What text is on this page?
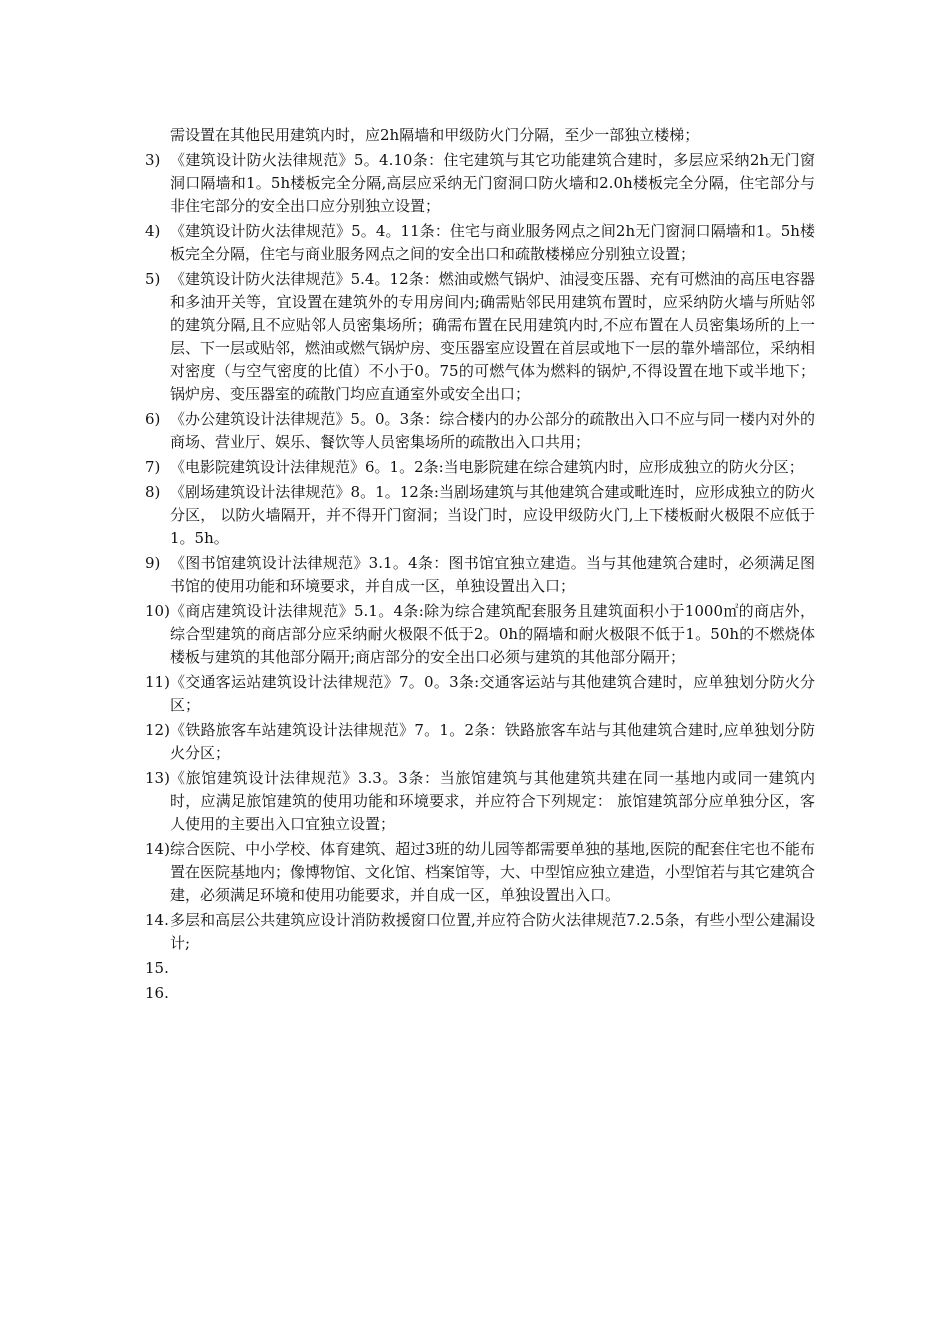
需设置在其他民用建筑内时，应2h隔墙和甲级防火门分隔，至少一部独立楼梯；
3) 《建筑设计防火法律规范》5。4.10条：住宅建筑与其它功能建筑合建时，多层应采纳2h无门窗洞口隔墙和1。5h楼板完全分隔,高层应采纳无门窗洞口防火墙和2.0h楼板完全分隔，住宅部分与非住宅部分的安全出口应分别独立设置；
4) 《建筑设计防火法律规范》5。4。11条：住宅与商业服务网点之间2h无门窗洞口隔墙和1。5h楼板完全分隔，住宅与商业服务网点之间的安全出口和疏散楼梯应分别独立设置；
5) 《建筑设计防火法律规范》5.4。12条：燃油或燃气锅炉、油浸变压器、充有可燃油的高压电容器和多油开关等，宜设置在建筑外的专用房间内;确需贴邻民用建筑布置时，应采纳防火墙与所贴邻的建筑分隔,且不应贴邻人员密集场所；确需布置在民用建筑内时,不应布置在人员密集场所的上一层、下一层或贴邻，燃油或燃气锅炉房、变压器室应设置在首层或地下一层的靠外墙部位，采纳相对密度（与空气密度的比值）不小于0。75的可燃气体为燃料的锅炉,不得设置在地下或半地下；锅炉房、变压器室的疏散门均应直通室外或安全出口；
6) 《办公建筑设计法律规范》5。0。3条：综合楼内的办公部分的疏散出入口不应与同一楼内对外的商场、营业厅、娱乐、餐饮等人员密集场所的疏散出入口共用；
7) 《电影院建筑设计法律规范》6。1。2条:当电影院建在综合建筑内时，应形成独立的防火分区；
8) 《剧场建筑设计法律规范》8。1。12条:当剧场建筑与其他建筑合建或毗连时，应形成独立的防火分区， 以防火墙隔开，并不得开门窗洞；当设门时，应设甲级防火门,上下楼板耐火极限不应低于1。5h。
9) 《图书馆建筑设计法律规范》3.1。4条：图书馆宜独立建造。当与其他建筑合建时，必须满足图书馆的使用功能和环境要求，并自成一区，单独设置出入口；
10) 《商店建筑设计法律规范》5.1。4条:除为综合建筑配套服务且建筑面积小于1000㎡的商店外，综合型建筑的商店部分应采纳耐火极限不低于2。0h的隔墙和耐火极限不低于1。50h的不燃烧体楼板与建筑的其他部分隔开;商店部分的安全出口必须与建筑的其他部分隔开；
11) 《交通客运站建筑设计法律规范》7。0。3条:交通客运站与其他建筑合建时，应单独划分防火分区；
12) 《铁路旅客车站建筑设计法律规范》7。1。2条：铁路旅客车站与其他建筑合建时,应单独划分防火分区；
13) 《旅馆建筑设计法律规范》3.3。3条：当旅馆建筑与其他建筑共建在同一基地内或同一建筑内时，应满足旅馆建筑的使用功能和环境要求，并应符合下列规定： 旅馆建筑部分应单独分区，客人使用的主要出入口宜独立设置；
14) 综合医院、中小学校、体育建筑、超过3班的幼儿园等都需要单独的基地,医院的配套住宅也不能布置在医院基地内；像博物馆、文化馆、档案馆等，大、中型馆应独立建造，小型馆若与其它建筑合建，必须满足环境和使用功能要求，并自成一区，单独设置出入口。
14. 多层和高层公共建筑应设计消防救援窗口位置,并应符合防火法律规范7.2.5条，有些小型公建漏设计;
15.
16.
